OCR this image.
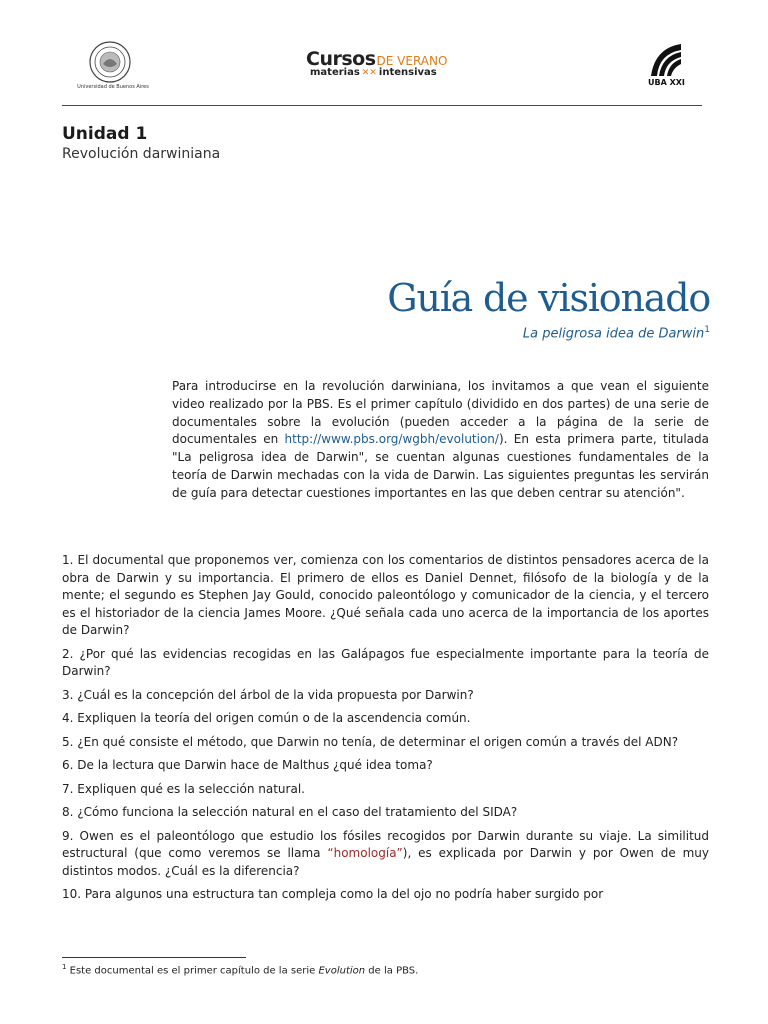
Universidad de Buenos Aires
CursosDE VERANO
materias ✕✕ intensivas
UBA XXI
Unidad 1
Revolución darwiniana
Guía de visionado
La peligrosa idea de Darwin$^1$
Para introducirse en la revolución darwiniana, los invitamos a que vean el siguiente video realizado por la PBS. Es el primer capítulo (dividido en dos partes) de una serie de documentales sobre la evolución (pueden acceder a la página de la serie de documentales en http://www.pbs.org/wgbh/evolution/). En esta primera parte, titulada "La peligrosa idea de Darwin", se cuentan algunas cuestiones fundamentales de la teoría de Darwin mechadas con la vida de Darwin. Las siguientes preguntas les servirán de guía para detectar cuestiones importantes en las que deben centrar su atención".

1. El documental que proponemos ver, comienza con los comentarios de distintos pensadores acerca de la obra de Darwin y su importancia. El primero de ellos es Daniel Dennet, filósofo de la biología y de la mente; el segundo es Stephen Jay Gould, conocido paleontólogo y comunicador de la ciencia, y el tercero es el historiador de la ciencia James Moore. ¿Qué señala cada uno acerca de la importancia de los aportes de Darwin?

2. ¿Por qué las evidencias recogidas en las Galápagos fue especialmente importante para la teoría de Darwin?

3. ¿Cuál es la concepción del árbol de la vida propuesta por Darwin?

4. Expliquen la teoría del origen común o de la ascendencia común.

5. ¿En qué consiste el método, que Darwin no tenía, de determinar el origen común a través del ADN?

6. De la lectura que Darwin hace de Malthus ¿qué idea toma?

7. Expliquen qué es la selección natural.

8. ¿Cómo funciona la selección natural en el caso del tratamiento del SIDA?

9. Owen es el paleontólogo que estudio los fósiles recogidos por Darwin durante su viaje. La similitud estructural (que como veremos se llama “homología”), es explicada por Darwin y por Owen de muy distintos modos. ¿Cuál es la diferencia?

10. Para algunos una estructura tan compleja como la del ojo no podría haber surgido por

$^1$ Este documental es el primer capítulo de la serie Evolution de la PBS.
